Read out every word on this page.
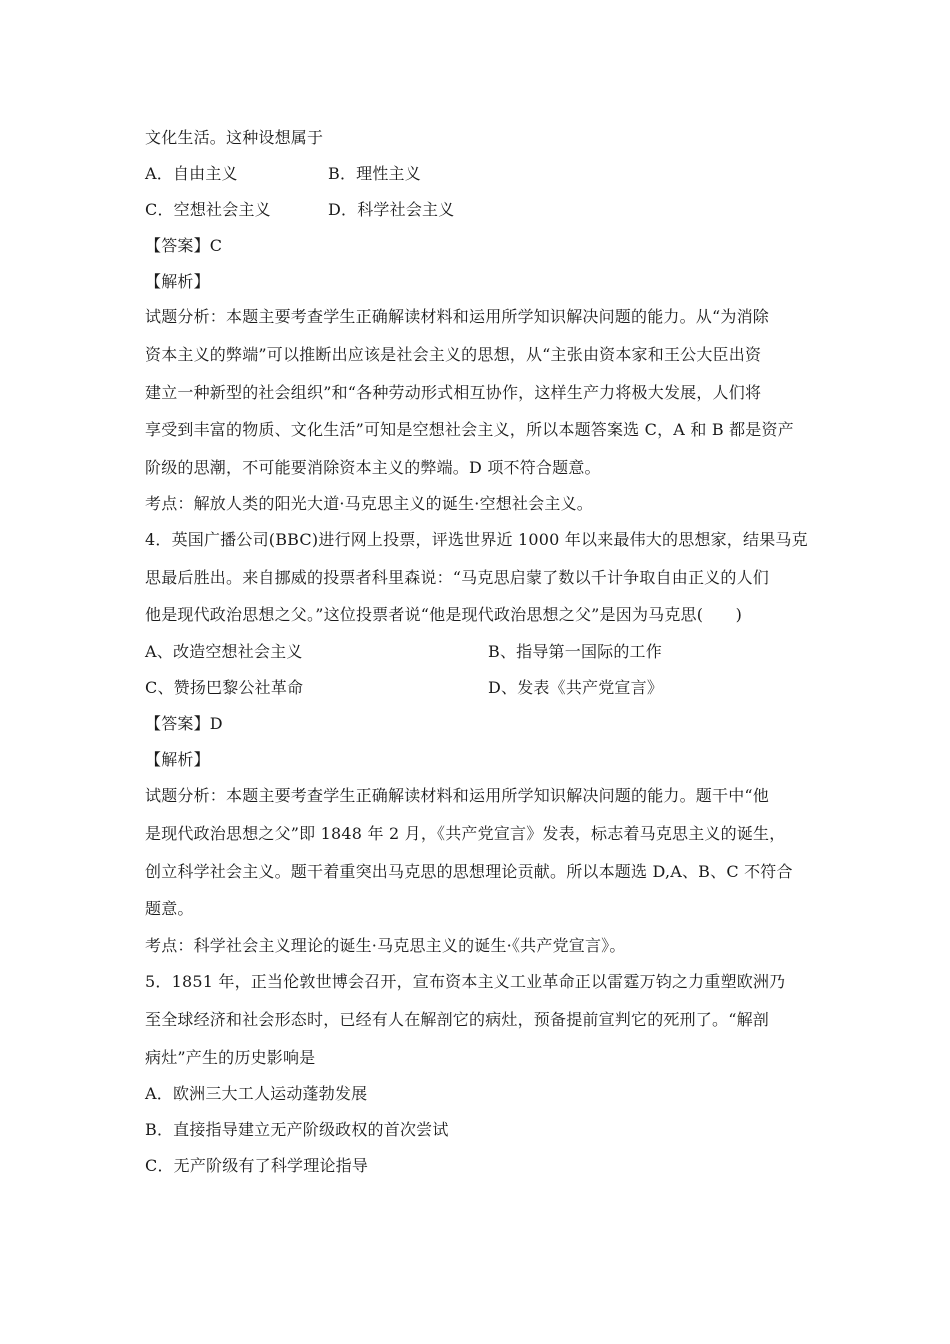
文化生活。这种设想属于
A．自由主义	B．理性主义
C．空想社会主义	D．科学社会主义
【答案】C
【解析】
试题分析：本题主要考查学生正确解读材料和运用所学知识解决问题的能力。从“为消除
资本主义的弊端”可以推断出应该是社会主义的思想，从“主张由资本家和王公大臣出资
建立一种新型的社会组织”和“各种劳动形式相互协作，这样生产力将极大发展，人们将
享受到丰富的物质、文化生活”可知是空想社会主义，所以本题答案选 C，A 和 B 都是资产
阶级的思潮，不可能要消除资本主义的弊端。D 项不符合题意。
考点：解放人类的阳光大道·马克思主义的诞生·空想社会主义。
4．英国广播公司(BBC)进行网上投票，评选世界近 1000 年以来最伟大的思想家，结果马克
思最后胜出。来自挪威的投票者科里森说：“马克思启蒙了数以千计争取自由正义的人们
他是现代政治思想之父。”这位投票者说“他是现代政治思想之父”是因为马克思(　　)
A、改造空想社会主义	B、指导第一国际的工作
C、赞扬巴黎公社革命	D、发表《共产党宣言》
【答案】D
【解析】
试题分析：本题主要考查学生正确解读材料和运用所学知识解决问题的能力。题干中“他
是现代政治思想之父”即 1848 年 2 月，《共产党宣言》发表，标志着马克思主义的诞生，
创立科学社会主义。题干着重突出马克思的思想理论贡献。所以本题选 D,A、B、C 不符合
题意。
考点：科学社会主义理论的诞生·马克思主义的诞生·《共产党宣言》。
5．1851 年，正当伦敦世博会召开，宣布资本主义工业革命正以雷霆万钧之力重塑欧洲乃
至全球经济和社会形态时，已经有人在解剖它的病灶，预备提前宣判它的死刑了。“解剖
病灶”产生的历史影响是
A．欧洲三大工人运动蓬勃发展
B．直接指导建立无产阶级政权的首次尝试
C．无产阶级有了科学理论指导
